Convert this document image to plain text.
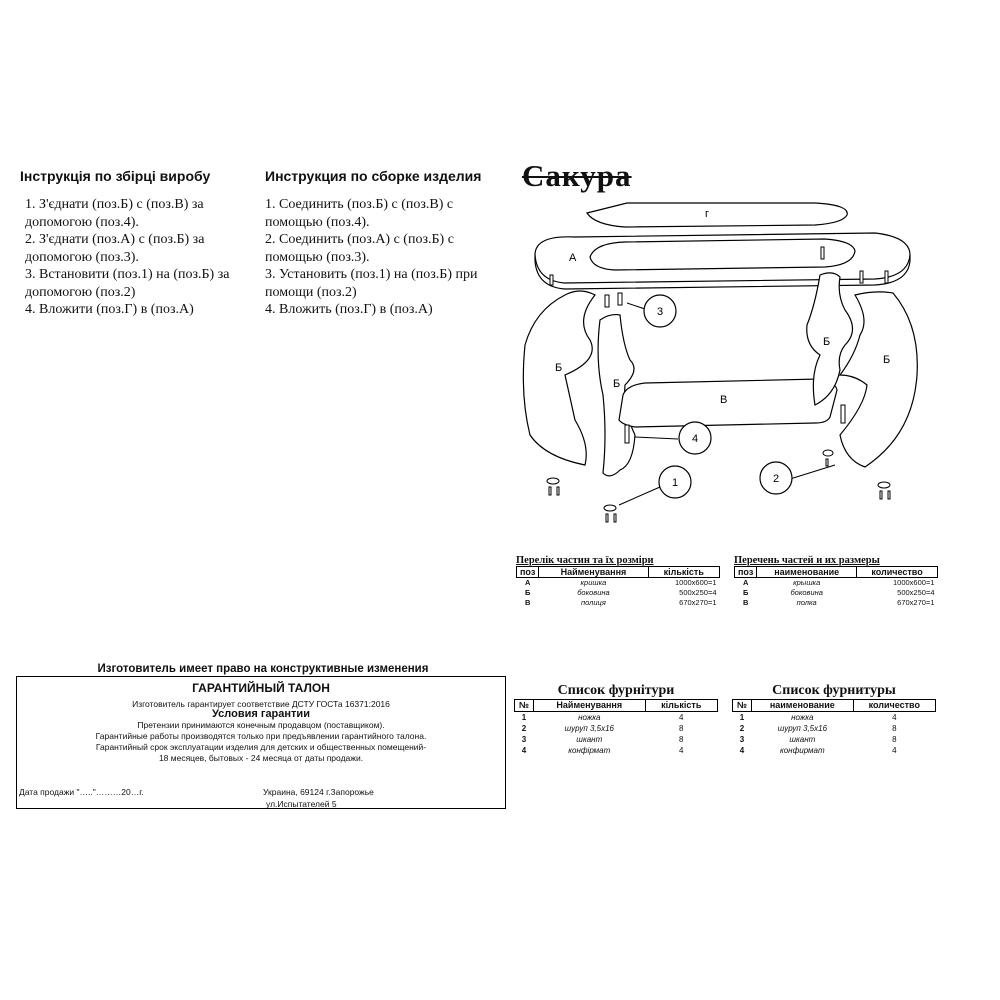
Інструкція по збірці виробу
1. З'єднати (поз.Б) с (поз.В) за допомогою (поз.4).
2. З'єднати (поз.А) с (поз.Б) за допомогою (поз.3).
3. Встановити (поз.1) на (поз.Б) за допомогою (поз.2)
4. Вложити (поз.Г) в (поз.А)
Инструкция по сборке изделия
1. Соединить (поз.Б) с (поз.В) с помощью (поз.4).
2. Соединить (поз.А) с (поз.Б) с помощью (поз.3).
3. Установить (поз.1) на (поз.Б) при помощи (поз.2)
4. Вложить (поз.Г) в (поз.А)
Сакура
г
А
Б
Б
В
Б
Б
3
4
1	2
Перелік частин та їх розміри
поз	Найменування	кількість
А	кришка	1000x600=1
Б	боковина	500x250=4
В	полиця	670x270=1
Перечень частей и их размеры
поз	наименование	количество
А	крышка	1000x600=1
Б	боковина	500x250=4
В	полка	670x270=1
Изготовитель имеет право на конструктивные изменения
ГАРАНТИЙНЫЙ ТАЛОН
Изготовитель гарантирует соответствие ДСТУ ГОСТа 16371:2016
Условия гарантии
Претензии принимаются конечным продавцом (поставщиком).
Гарантийные работы производятся только при предъявлении гарантийного талона.
Гарантийный срок эксплуатации изделия для детских и общественных помещений-
18 месяцев, бытовых - 24 месяца от даты продажи.
Дата продажи "….."………20…г.	Украина, 69124 г.Запорожье
ул.Испытателей 5
Список фурнітури
№	Найменування	кількість
1	ножка	4
2	шуруп 3,5х16	8
3	шкант	8
4	конфірмат	4
Список фурнитуры
№	наименование	количество
1	ножка	4
2	шуруп 3,5х16	8
3	шкант	8
4	конфирмат	4
